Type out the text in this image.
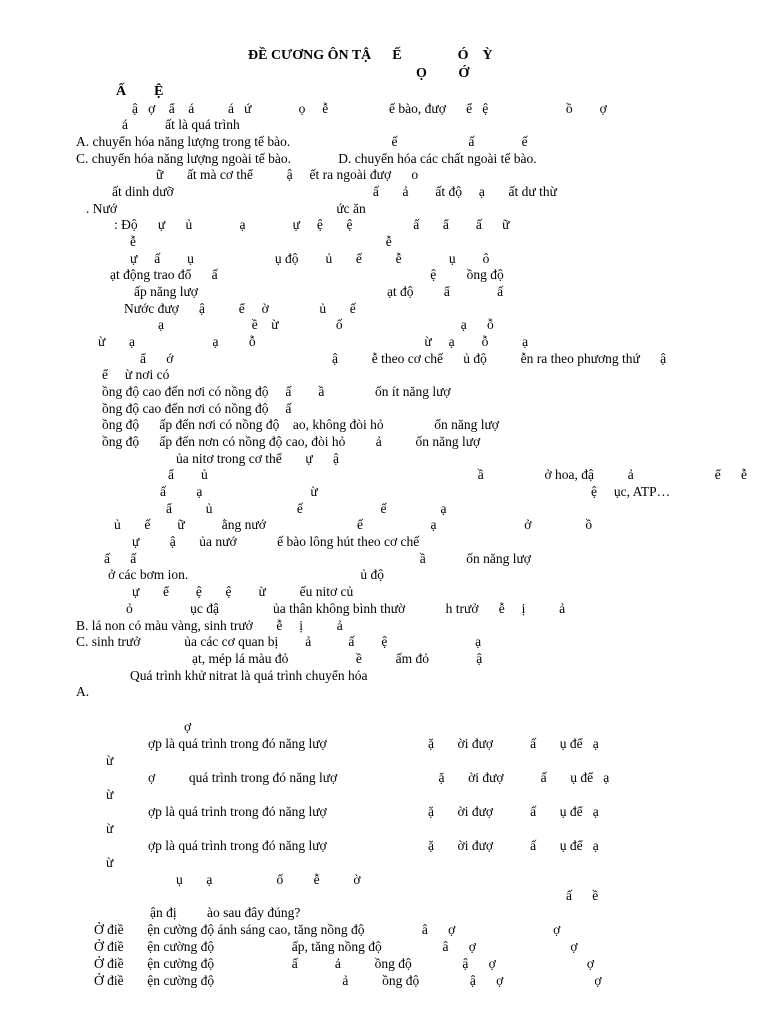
ĐỀ CƯƠNG ÔN TẬ      Ế                Ó    Ỳ
Ọ         Ớ
Ấ        Ệ
ậ   ợ    ẩ    á          á   ứ              ọ     ễ                  ế bào, đượ      ể   ệ                       ồ        ợ
á           ất là quá trình
A. chuyển hóa năng lượng trong tế bào.                              ế                     ấ              ế
C. chuyển hóa năng lượng ngoài tế bào.              D. chuyển hóa các chất ngoài tế bào.
ữ       ất mà cơ thể          ậ     ết ra ngoài đượ      o
ất dinh dưỡ                                                           ấ       ả        ất độ     ạ       ất dư thừ
. Nướ                                                                 ức ăn
: Độ      ự      ủ              ạ              ự     ệ       ệ                  ấ       ẩ        ấ      ữ
ễ                                                                          ễ
ự     ấ        ụ                        ụ độ        ủ       ế          ễ              ụ        ô
ạt động trao đổ      ấ                                                               ệ         ồng độ
ấp năng lượ                                                        ạt độ         ẩ              ấ
Nước đượ      ậ          ể     ờ               ủ       ế
ạ                          ề    ừ                 ố                                   ạ      ỗ
ừ       ạ                       ạ         ỗ                                                  ừ     ạ        ỗ          ạ
ẩ      ớ                                               ậ          ễ theo cơ chế      ủ độ          ễn ra theo phương thứ      ậ
ể     ừ nơi có
ồng độ cao đến nơi có nồng độ     ấ        ầ               ốn ít năng lượ
ồng độ cao đến nơi có nồng độ     ấ
ồng độ      ấp đến nơi có nồng độ    ao, không đòi hỏ               ốn năng lượ
ồng độ      ấp đến nơn có nồng độ cao, đòi hỏ         ả          ốn năng lượ
ủa nitơ trong cơ thể       ự      ậ
ẩ        ủ                                                                                ầ                  ở hoa, đậ          ả                        ể      ễ
ấ         ạ                                ừ                                                                                 ệ     ục, ATP…
ẩ          ủ                         ế                       ế                ạ
ủ       ế        ữ           ằng nướ                           ế                    ạ                          ở                ồ
ự         ậ       ủa nướ            ế bào lông hút theo cơ chế
ấ      ấ                                                                                    ầ            ốn năng lượ
ở các bơm ion.                                                   ủ độ
ự       ể        ệ       ệ        ừ          ếu nitơ củ
ỏ                 ục đậ                ủa thân không bình thườ            h trưở      ễ     ị          ả
B. lá non có màu vàng, sinh trưở       ễ     ị          ả
C. sinh trưở             ủa các cơ quan bị        ả           ấ        ệ                          ạ
ạt, mép lá màu đỏ                    ề          ấm đỏ              ậ
Quá trình khử nitrat là quá trình chuyển hóa
A.
ợ
ợp là quá trình trong đó năng lượ                              ặ       ời đượ           ấ       ụ để   ạ
ừ
ợ          quá trình trong đó năng lượ                              ặ       ời đượ           ấ       ụ để   ạ
ừ
ợp là quá trình trong đó năng lượ                              ặ       ời đượ           ấ       ụ để   ạ
ừ
ợp là quá trình trong đó năng lượ                              ặ       ời đượ           ấ       ụ để   ạ
ừ
ụ       ạ                   ố         ễ          ờ
ấ      ề
ận đị         ào sau đây đúng?
Ở điề       ện cường độ ánh sáng cao, tăng nồng độ                 â      ợ                             ợ
Ở điề       ện cường độ                       ấp, tăng nồng độ                  â      ợ                            ợ
Ở điề       ện cường độ                       ấ           ả          ồng độ               ậ      ợ                           ợ
Ở điề       ện cường độ                                      ả          ồng độ               ậ      ợ                           ợ
